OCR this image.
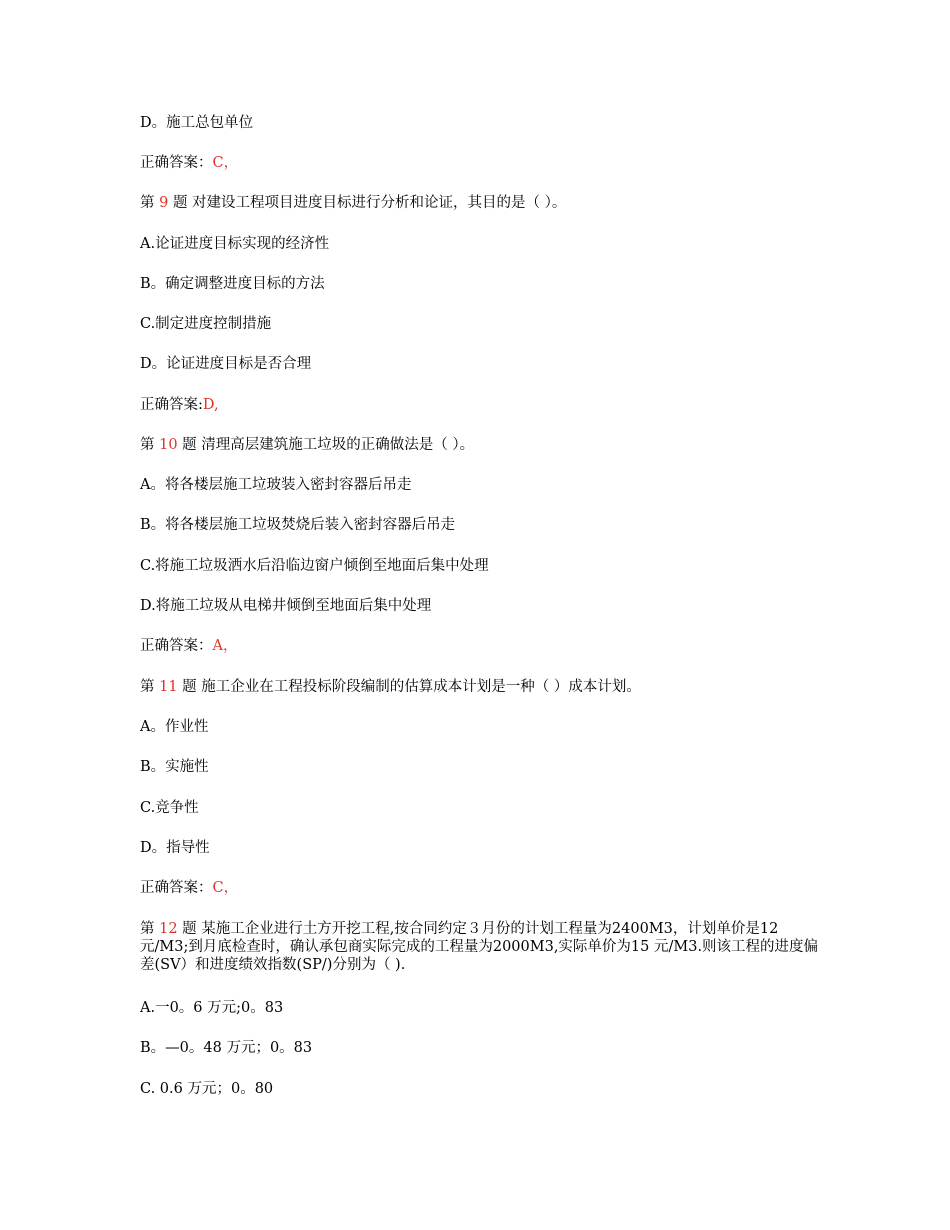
D。施工总包单位
正确答案：C，
第 9 题 对建设工程项目进度目标进行分析和论证，其目的是（ ）。
A.论证进度目标实现的经济性
B。确定调整进度目标的方法
C.制定进度控制措施
D。论证进度目标是否合理
正确答案:D,
第 10 题 清理高层建筑施工垃圾的正确做法是（ ）。
A。将各楼层施工垃玻装入密封容器后吊走
B。将各楼层施工垃圾焚烧后装入密封容器后吊走
C.将施工垃圾洒水后沿临边窗户倾倒至地面后集中处理
D.将施工垃圾从电梯井倾倒至地面后集中处理
正确答案：A，
第 11 题 施工企业在工程投标阶段编制的估算成本计划是一种（ ）成本计划。
A。作业性
B。实施性
C.竞争性
D。指导性
正确答案：C，
第 12 题 某施工企业进行土方开挖工程,按合同约定３月份的计划工程量为2400M3，计划单价是12 元/M3;到月底检查时，确认承包商实际完成的工程量为2000M3,实际单价为15 元/M3.则该工程的进度偏差(SV）和进度绩效指数(SP/)分别为（ ).
A.一0。6 万元;0。83
B。—0。48 万元；0。83
C. 0.6 万元；0。80
